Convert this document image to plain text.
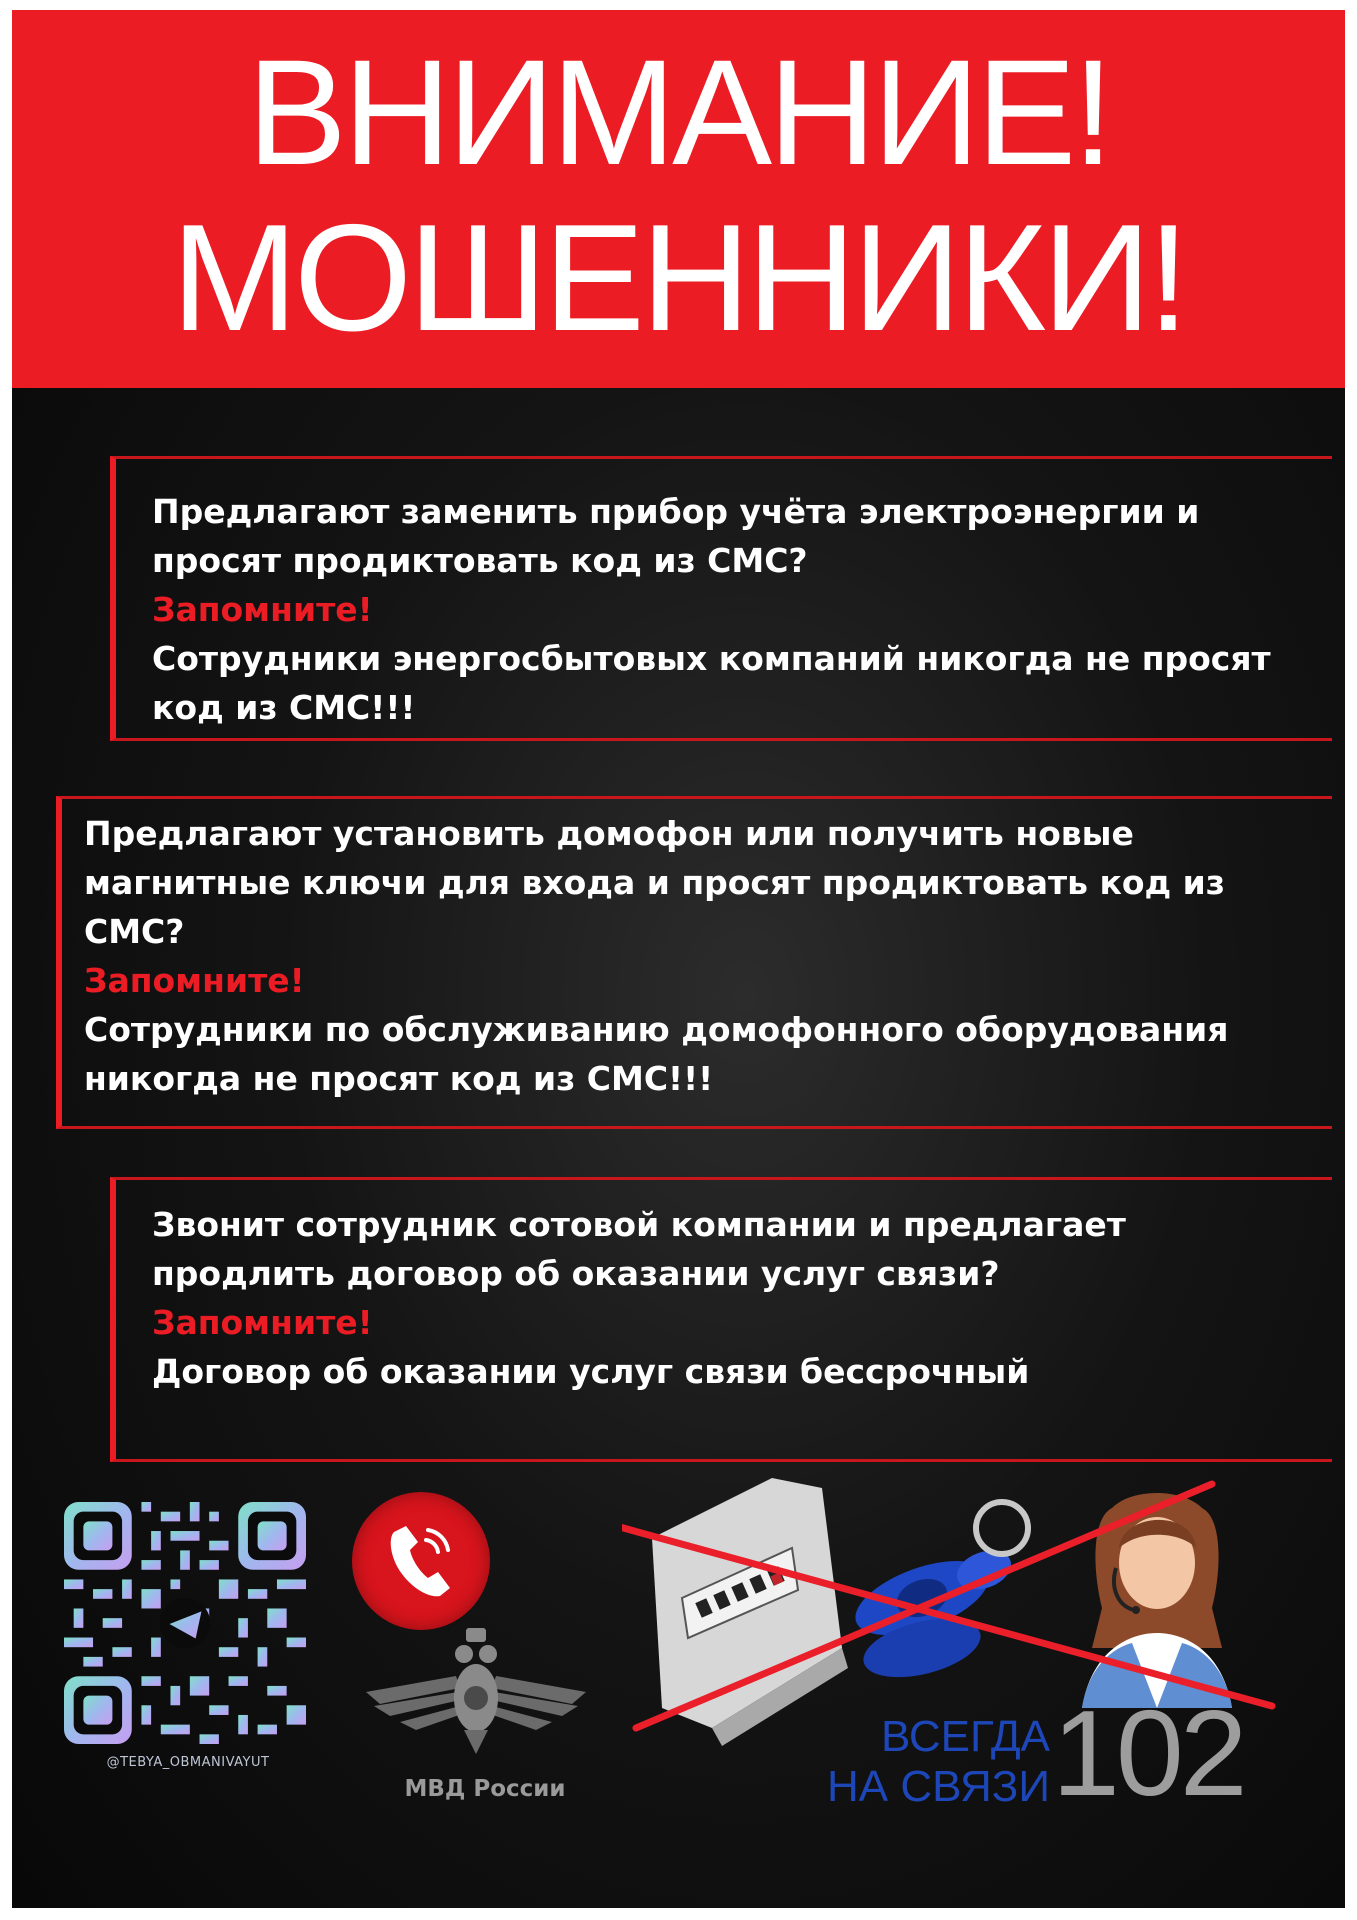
ВНИМАНИЕ!
МОШЕННИКИ!

Предлагают заменить прибор учёта электроэнергии и просят продиктовать код из СМС?

Запомните!

Сотрудники энергосбытовых компаний никогда не просят код из СМС!!!

Предлагают установить домофон или получить новые магнитные ключи для входа и просят продиктовать код из СМС?

Запомните!

Сотрудники по обслуживанию домофонного оборудования никогда не просят код из СМС!!!

Звонит сотрудник сотовой компании и предлагает продлить договор об оказании услуг связи?

Запомните!

Договор об оказании услуг связи бессрочный

@TEBYA_OBMANIVAYUT
МВД России
ВСЕГДА
НА СВЯЗИ 102
